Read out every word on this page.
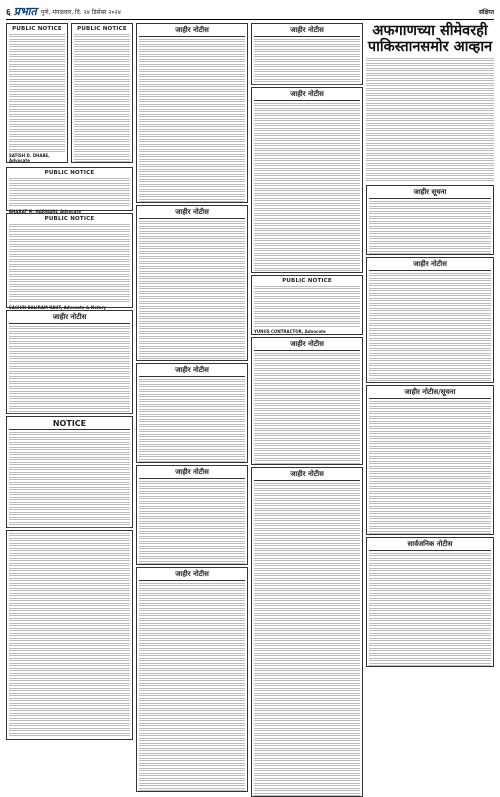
६ प्रभात पुणे, मंगळवार, दि. २४ डिसेंबर २०२४	संक्षिप्त
PUBLIC NOTICE
SATISH D. DHABE, Advocate
PUBLIC NOTICE
PUBLIC NOTICE
BHARAT M. HARWANI, Advocate
PUBLIC NOTICE
SACHIN BALIRAM RAUT, Advocate & Notary
जाहीर नोटीस
NOTICE
जाहीर नोटीस
जाहीर नोटीस
जाहीर नोटीस
जाहीर नोटीस
जाहीर नोटीस
जाहीर नोटीस
जाहीर नोटीस
PUBLIC NOTICE
YUNUS CONTRACTOR, Advocate
जाहीर नोटीस
जाहीर नोटीस
अफगाणच्या सीमेवरही
पाकिस्तानसमोर आव्हान
जाहीर सूचना
जाहीर नोटीस
जाहीर नोटीस/सूचना
सार्वजनिक नोटीस
